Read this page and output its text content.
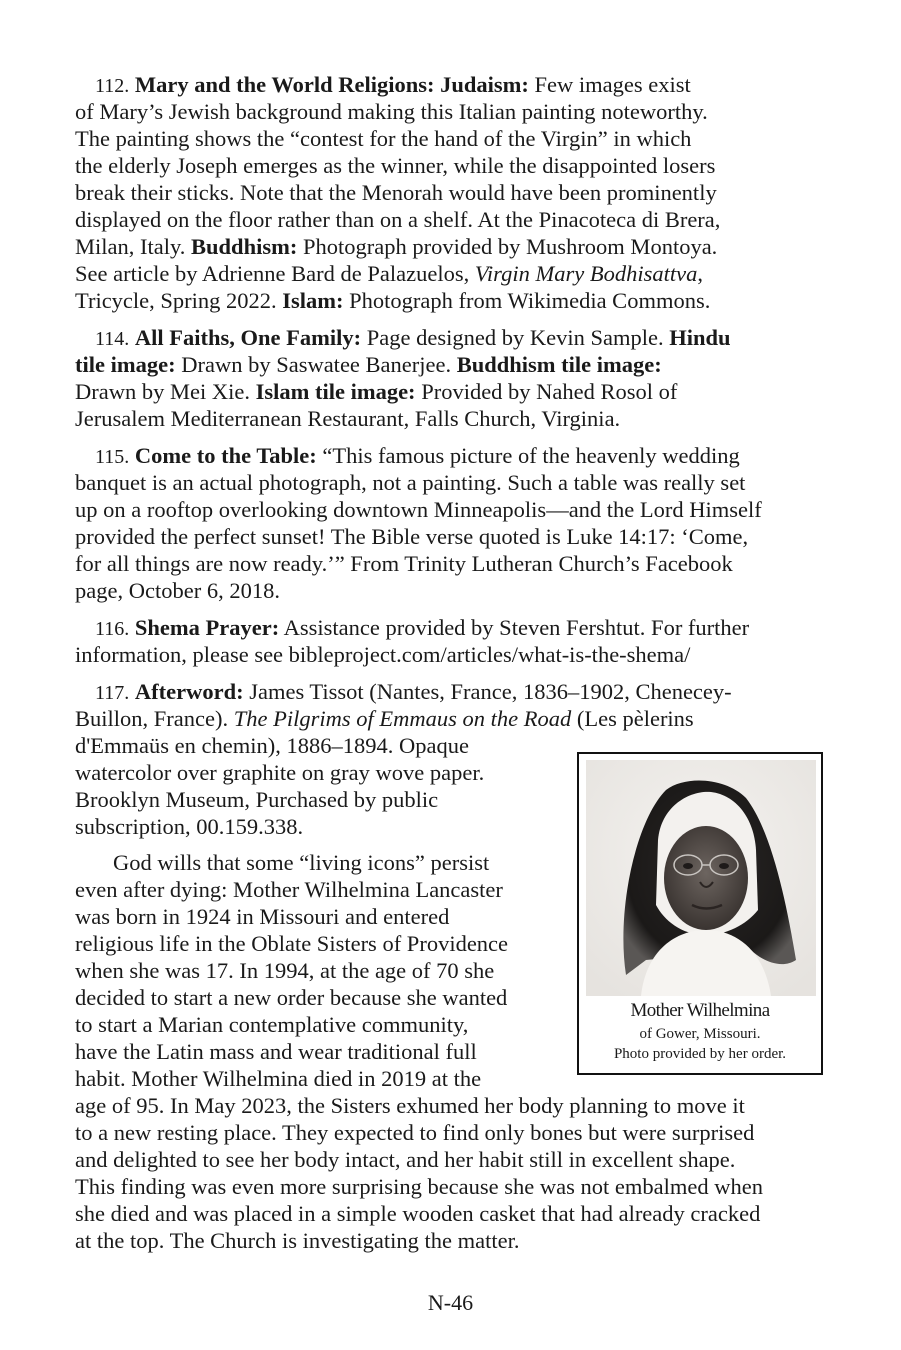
112. Mary and the World Religions: Judaism: Few images exist
of Mary’s Jewish background making this Italian painting noteworthy.
The painting shows the “contest for the hand of the Virgin” in which
the elderly Joseph emerges as the winner, while the disappointed losers
break their sticks. Note that the Menorah would have been prominently
displayed on the floor rather than on a shelf. At the Pinacoteca di Brera,
Milan, Italy. Buddhism: Photograph provided by Mushroom Montoya.
See article by Adrienne Bard de Palazuelos, Virgin Mary Bodhisattva,
Tricycle, Spring 2022. Islam: Photograph from Wikimedia Commons.
114. All Faiths, One Family: Page designed by Kevin Sample. Hindu
tile image: Drawn by Saswatee Banerjee. Buddhism tile image:
Drawn by Mei Xie. Islam tile image: Provided by Nahed Rosol of
Jerusalem Mediterranean Restaurant, Falls Church, Virginia.
115. Come to the Table: “This famous picture of the heavenly wedding
banquet is an actual photograph, not a painting. Such a table was really set
up on a rooftop overlooking downtown Minneapolis—and the Lord Himself
provided the perfect sunset! The Bible verse quoted is Luke 14:17: ‘Come,
for all things are now ready.’” From Trinity Lutheran Church’s Facebook
page, October 6, 2018.
116. Shema Prayer: Assistance provided by Steven Fershtut. For further
information, please see bibleproject.com/articles/what-is-the-shema/
117. Afterword: James Tissot (Nantes, France, 1836–1902, Chenecey-
Buillon, France). The Pilgrims of Emmaus on the Road (Les pèlerins
d'Emmaüs en chemin), 1886–1894. Opaque
watercolor over graphite on gray wove paper.
Brooklyn Museum, Purchased by public
subscription, 00.159.338.
God wills that some “living icons” persist
even after dying: Mother Wilhelmina Lancaster
was born in 1924 in Missouri and entered
religious life in the Oblate Sisters of Providence
when she was 17. In 1994, at the age of 70 she
decided to start a new order because she wanted
to start a Marian contemplative community,
have the Latin mass and wear traditional full
habit. Mother Wilhelmina died in 2019 at the
age of 95. In May 2023, the Sisters exhumed her body planning to move it
to a new resting place. They expected to find only bones but were surprised
and delighted to see her body intact, and her habit still in excellent shape.
This finding was even more surprising because she was not embalmed when
she died and was placed in a simple wooden casket that had already cracked
at the top. The Church is investigating the matter.
Mother Wilhelmina
of Gower, Missouri.
Photo provided by her order.
N-46
